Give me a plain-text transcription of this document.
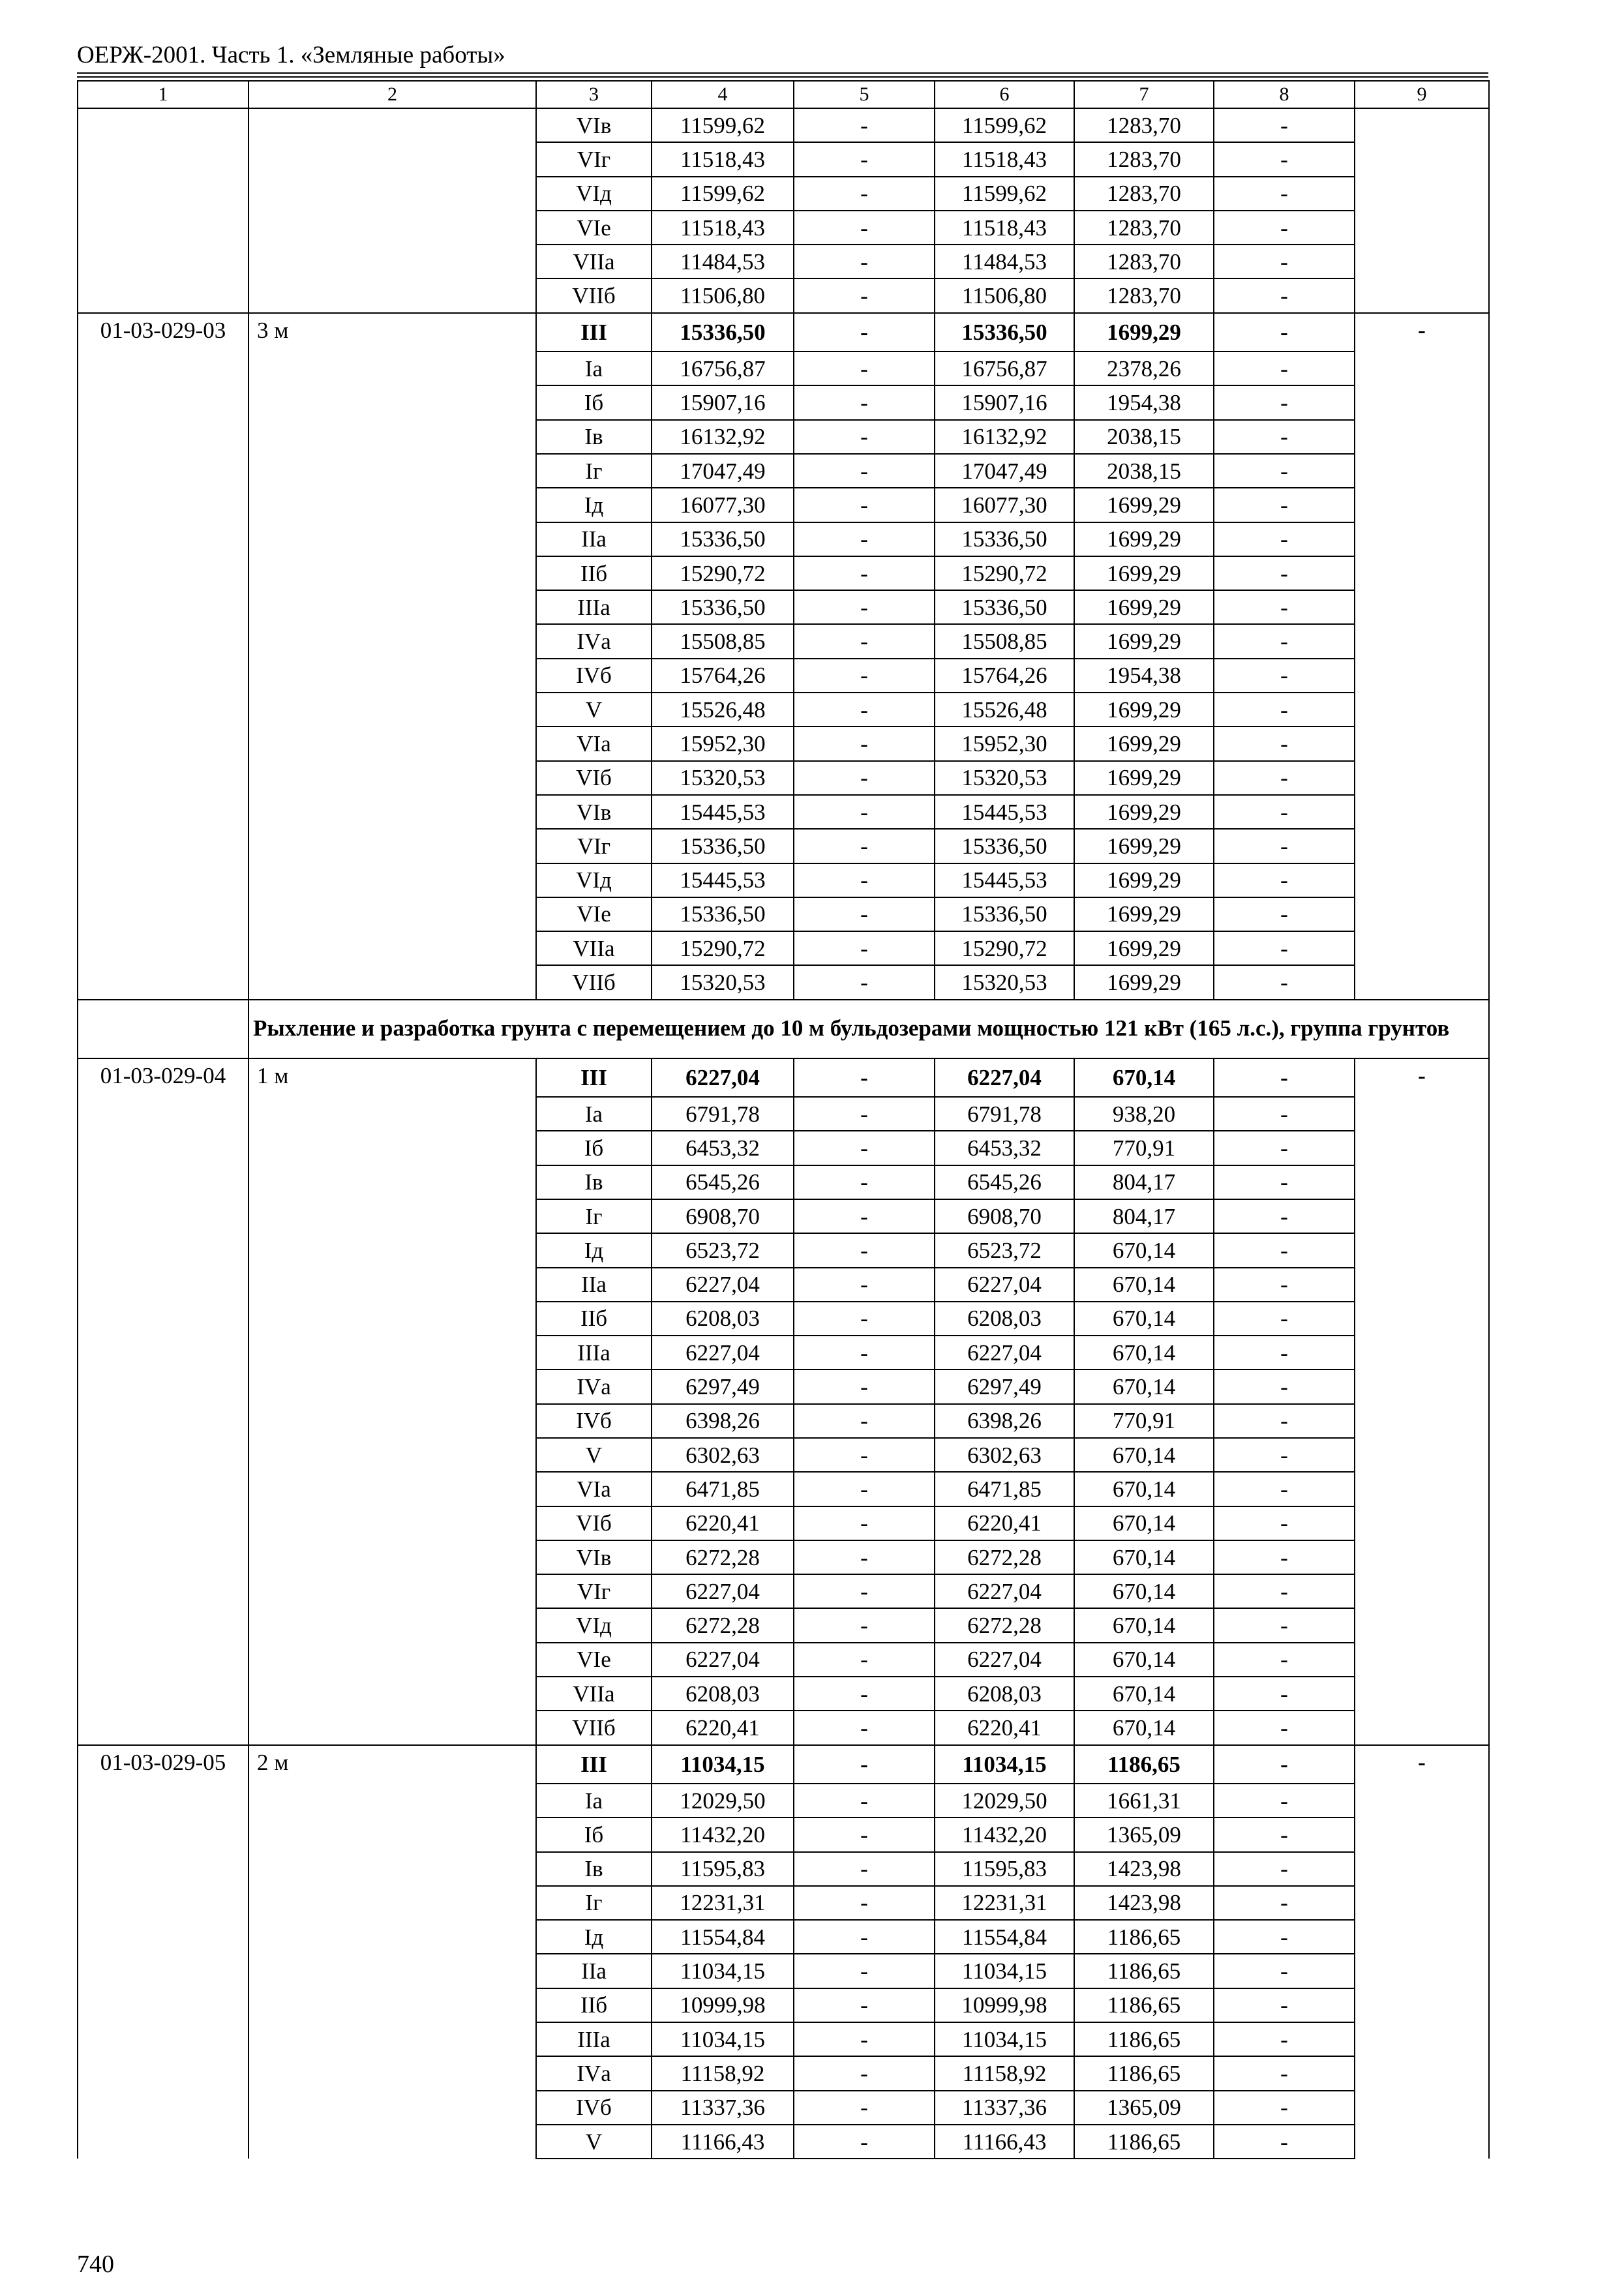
ОЕРЖ-2001. Часть 1. «Земляные работы»
1	2	3	4	5	6	7	8	9
		VIв	11599,62	-	11599,62	1283,70	-	
		VIг	11518,43	-	11518,43	1283,70	-	
		VIд	11599,62	-	11599,62	1283,70	-	
		VIe	11518,43	-	11518,43	1283,70	-	
		VIIа	11484,53	-	11484,53	1283,70	-	
		VIIб	11506,80	-	11506,80	1283,70	-	
01-03-029-03	3 м	III	15336,50	-	15336,50	1699,29	-	-
		Iа	16756,87	-	16756,87	2378,26	-	
		Iб	15907,16	-	15907,16	1954,38	-	
		Iв	16132,92	-	16132,92	2038,15	-	
		Iг	17047,49	-	17047,49	2038,15	-	
		Iд	16077,30	-	16077,30	1699,29	-	
		IIа	15336,50	-	15336,50	1699,29	-	
		IIб	15290,72	-	15290,72	1699,29	-	
		IIIа	15336,50	-	15336,50	1699,29	-	
		IVа	15508,85	-	15508,85	1699,29	-	
		IVб	15764,26	-	15764,26	1954,38	-	
		V	15526,48	-	15526,48	1699,29	-	
		VIа	15952,30	-	15952,30	1699,29	-	
		VIб	15320,53	-	15320,53	1699,29	-	
		VIв	15445,53	-	15445,53	1699,29	-	
		VIг	15336,50	-	15336,50	1699,29	-	
		VIд	15445,53	-	15445,53	1699,29	-	
		VIe	15336,50	-	15336,50	1699,29	-	
		VIIа	15290,72	-	15290,72	1699,29	-	
		VIIб	15320,53	-	15320,53	1699,29	-	
	Рыхление и разработка грунта с перемещением до 10 м бульдозерами мощностью 121 кВт (165 л.с.), группа грунтов							
01-03-029-04	1 м	III	6227,04	-	6227,04	670,14	-	-
		Iа	6791,78	-	6791,78	938,20	-	
		Iб	6453,32	-	6453,32	770,91	-	
		Iв	6545,26	-	6545,26	804,17	-	
		Iг	6908,70	-	6908,70	804,17	-	
		Iд	6523,72	-	6523,72	670,14	-	
		IIа	6227,04	-	6227,04	670,14	-	
		IIб	6208,03	-	6208,03	670,14	-	
		IIIа	6227,04	-	6227,04	670,14	-	
		IVа	6297,49	-	6297,49	670,14	-	
		IVб	6398,26	-	6398,26	770,91	-	
		V	6302,63	-	6302,63	670,14	-	
		VIа	6471,85	-	6471,85	670,14	-	
		VIб	6220,41	-	6220,41	670,14	-	
		VIв	6272,28	-	6272,28	670,14	-	
		VIг	6227,04	-	6227,04	670,14	-	
		VIд	6272,28	-	6272,28	670,14	-	
		VIe	6227,04	-	6227,04	670,14	-	
		VIIа	6208,03	-	6208,03	670,14	-	
		VIIб	6220,41	-	6220,41	670,14	-	
01-03-029-05	2 м	III	11034,15	-	11034,15	1186,65	-	-
		Iа	12029,50	-	12029,50	1661,31	-	
		Iб	11432,20	-	11432,20	1365,09	-	
		Iв	11595,83	-	11595,83	1423,98	-	
		Iг	12231,31	-	12231,31	1423,98	-	
		Iд	11554,84	-	11554,84	1186,65	-	
		IIа	11034,15	-	11034,15	1186,65	-	
		IIб	10999,98	-	10999,98	1186,65	-	
		IIIа	11034,15	-	11034,15	1186,65	-	
		IVа	11158,92	-	11158,92	1186,65	-	
		IVб	11337,36	-	11337,36	1365,09	-	
		V	11166,43	-	11166,43	1186,65	-	
740
